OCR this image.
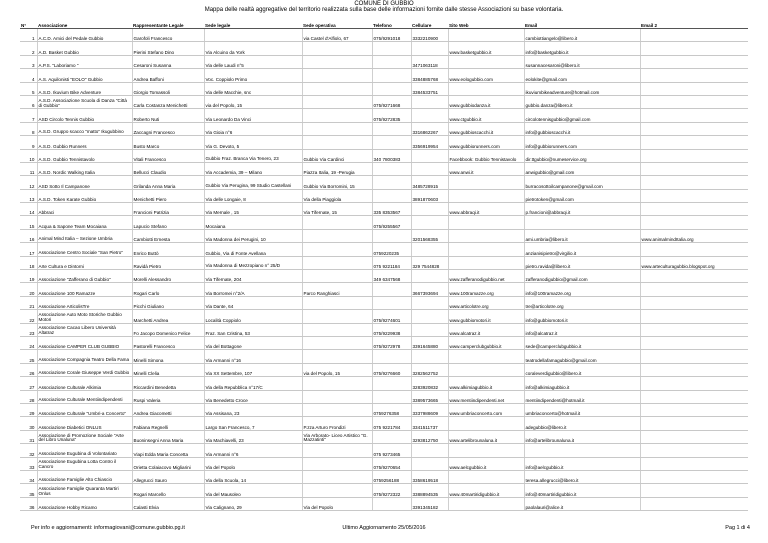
COMUNE DI GUBBIO
Mappa delle realtà aggregative del territorio realizzata sulla base delle informazioni fornite dalle stesse Associazioni su base volontaria.
N°	Associazione	Rappresentante Legale	Sede legale	Sede operativa	Telefono	Cellulare	Sito Web	Email	Email 2
1	A.C.D. Amici del Pedale Gubbio	Garofoli Francesco		via Castel d'Alfiolo, 67	075/9291018	3332210900		cambiottiangelo@libero.it	
2	A.D. Basket Gubbio	Pierini Stefano Dino	Via Alcuino da York				www.basketgubbio.it	info@basketgubbio.it	
3	A.P.S. "Laboriamo "	Cesaroni Susanna	Via delle Laudi n°5			3471063118		susannacesaroni@libero.it	
4	A.S. Aquilonisti "EOLO" Gubbio	Andrea Baffoni	Voc. Coppiolo Primo			3384885768	www.eologubbio.com	eolokite@gmail.com	
5	A.S.D. Ikuvium Bike Adventure	Giorgio Tomassoli	Via delle Macchie, snc			3384533751		ikuviumbikeadventure@hotmail.com	
6	A.S.D. Associazione Scuola di Danza "Città di Gubbio"	Carla Costanza Menichetti	via del Popolo, 15		075/9271668		www.gubbiodanza.it	gubbio.danza@libero.it	
7	ASD Circolo Tennis Gubbio	Roberto Nuti	Via Leonardo Da Vinci		075/9272835		www.ctgubbio.it	circolotennisgubbio@gmail.com	
8	A.S.D. Gruppo scacco "matto" Ikugubbino	Zaccagni Francesco	Via Gioia n°6			3316862267	www.gubbioscacchi.it	info@gubbioscacchi.it	
9	A.S.D. Gubbio Runners	Busto Marco	Via G. Devoto, 5			3356919954	www.gubbiorunners.com	info@gubbiorunners.com	
10	A.S.D. Gubbio Tennistavolo	Vitali Francesco	Gubbio Fraz. Branca Via Tenero, 23	Gubbio Via Cardinci	340 7800383		Facebbook: Gubbio Tennistavolo	dir.ttgubbio@numeservice.org	
11	A.S.D. Nordic Walking Italia	Bellucci Claudio	Via Accademia, 39 – Milano	Piazza Italia, 19 -Perugia			www.anwi.it	anwigubbio@gmail.com	
12	ASD Sotto Il Campanone	Grilanda Anna Maria	Gubbio Via Perugina, 99 Studio Castellani	Gubbio Via Borromini, 15		3485728915		burracosottoilcampanone@gmail.com	
13	A.S.D. Token Karate Gubbio	Menichetti Piero	Via delle Longaie, 8	Via della Piaggiola		3891870603		pietrotoken@gmail.com	
14	Abbraci	Francioni Patrizia	Via Mernale , 15	Via Tifernate, 15	335 8353567		www.abbraqi.it	p.francioni@abbraqi.it	
15	Acqua & Sapone Team Mocaiana	Lapucio Stefano	Mocaiana		075/9255567				
16	Animal Mind Italia – Sezione Umbria	Cambiotti Ernesta	Via Madonna dei Perugini, 10			3201568355		ami.umbria@libero.it	www.animalmindItalia.org
17	Associazione Centro Sociale "San Pietro"	Enrico Buttò	Gubbio, Via di Fonte Avellana		0759220235			anzianisipietro@virgilio.it	
18	Arte Cultura e Dintorni	Ravidà Pietro	Via Madonna di Mezzopiano n° 25/D		075 9221184	329 7544828		pietro.ravida@libero.it	www.arteculturagubbio.blogspot.org
19	Associazione "Zafferano di Gubbio"	Morelli Alessandro	Via Tifernate, 204		349 6347568		www.zafferanodigubbio.net	zafferanodigubbio@gmail.com	
20	Associazione 100 Ramazze	Rogari Carlo	Via Borromei n°2/A	Parco Ranghiasci		3667393694	www.100ramazze.org	info@100ramazze.org	
21	Associazione ArticolisTre	Picchi Giuliano	Via Dante, 64				www.articolotre.org	tre@articolotre.org	
22	Associazione Auto Moto Storiche Gubbio Motori	Marchetti Andrea	Località Coppiolo		075/9274601		www.gubbiomotori.it	info@gubbiomotori.it	
23	Associazione Cacao Libero Università Altatraz	Fo Jacopo Domenico Felice	Fraz. San Cristina, 53		075/9229938		www.alcatraz.it	info@alcatraz.it	
24	Associazione CAMPER CLUB GUBBIO	Pastorelli Francesco	Via del Bottagone		075/9272978	3391645880	www.camperclubgubbio.it	sede@camperclubgubbio.it	
25	Associazione Compagnia Teatro Della Fama	Minelli Simona	Via Armanni n°16					teatrodellafamagubbio@gmail.com	
26	Associazione Corale Giuseppe Verdi Gubbio	Minelli Clelia	Via XX Settembre, 107	via del Popolo, 15	075/9276660	3282562752		coraleverdigubbio@libero.it	
27	Associazione Culturale Alkimia	Riccardini Benedetta	Via della Repubblica n°17/C			3283920832	www.alkimiagubbio.it	info@alkimiagubbio.it	
28	Associazione Culturale Mentiindipendenti	Ruspi Valeria	Via Benedetto Croce			3389573665	www.mentiindipendenti.net	mentiindipendenti@hotmail.it	
29	Associazione Culturale "Umbri-a Concerto"	Andrea Giacometti	Via Assisana, 23		0759276358	3337988609	www.umbriaconcerto.com	umbriaconcerto@hotmail.it	
30	Associazione Diabetici ONLUS	Fabiana Regnelli	Largo San Francesco, 7	P.zza Arturo Frondizi	075 9221784	3341511737		adegubbio@libero.it	
31	Associazione di Promozione Sociale "Arte del Libro Unaluna"	Buoninsegni Anna Maria	Via Machiavelli, 23	Via Arborato- Liceo Artistico "G. Mazzatinti"		3293812750	www.artelibrounaluna.it	info@artelibrounaluna.it	
32	Associazione Eugubina di Volontariato	Viapi Edda Maria Concetta	Via Armanni n°6		075 9273465				
33	Associazione Eugubina Lotta Contro il Cancro	Orietta Colaiacovo Migliarini	Via del Popolo		075/9270654		www.aelcgubbio.it	info@aelcgubbio.it	
34	Associazione Famiglie Alto Chiascio	Allegrucci Sauro	Via della Scuola, 14		0759256188	3358619518		teresa.allegrucci@libero.it	
35	Associazione Famiglie Quaranta Martiri Onlus	Rogari Marcello	Via del Mausoleo		075/9272322	3388894535	www.40martiridigubbio.it	info@40martiridigubbio.it	
36	Associazione Hobby Ricamo	Calasti Elvia	Via Calignano, 29	Via del Popolo		3391345182		paolalauri@alice.it	
Per info e aggiornamenti: informagiovani@comune.gubbio.pg.it	Ultimo Aggiornamento 25/05/2016	Pag 1 di 4
